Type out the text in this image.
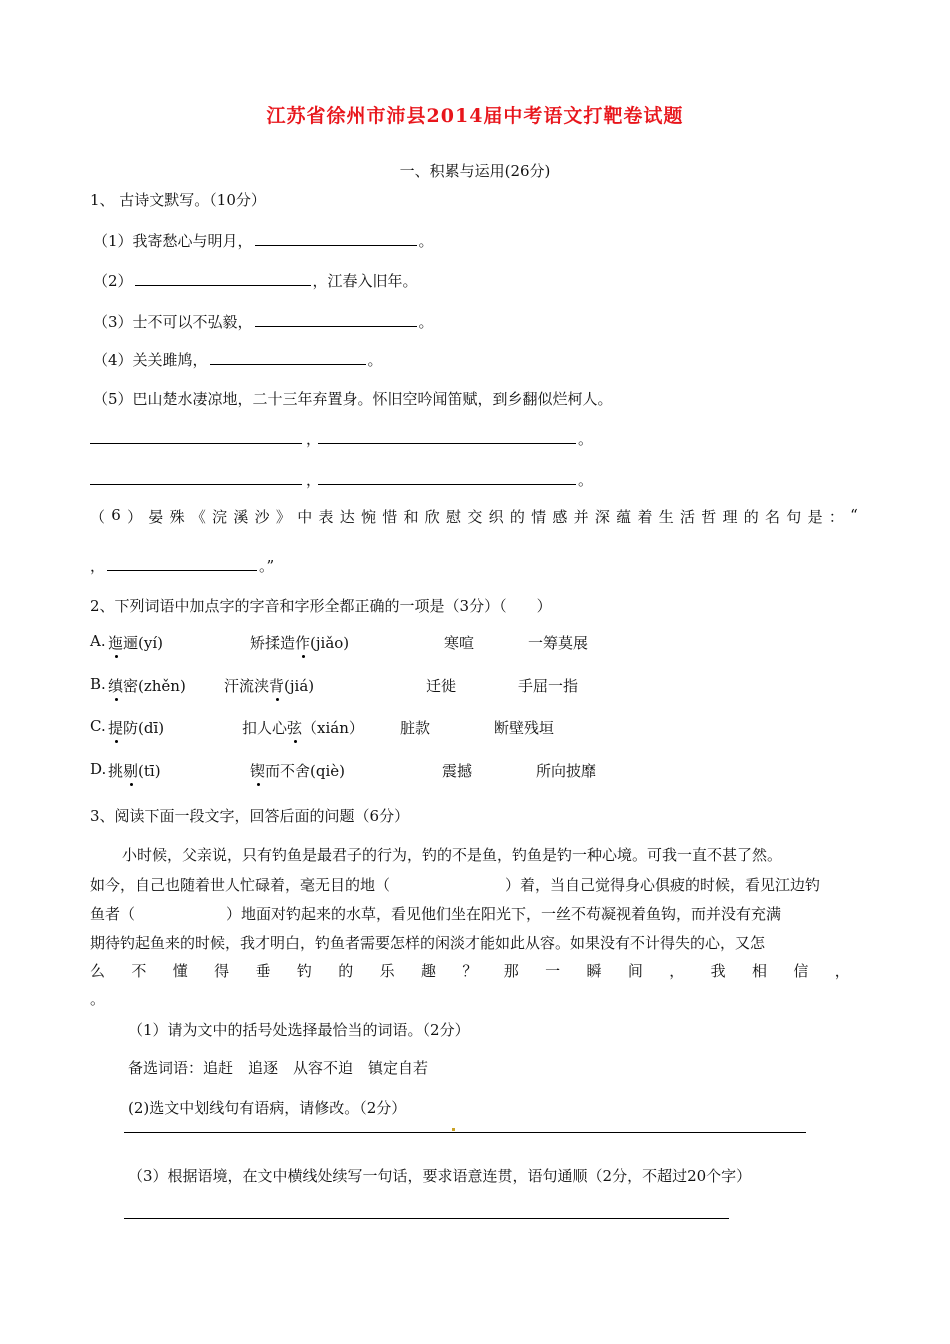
江苏省徐州市沛县2014届中考语文打靶卷试题
一、积累与运用(26分)
1、 古诗文默写。（10分）
（1）我寄愁心与明月，	。
（2）	，江春入旧年。
（3）士不可以不弘毅，	。
（4）关关雎鸠，	。
（5）巴山楚水凄凉地，二十三年弃置身。怀旧空吟闻笛赋，到乡翻似烂柯人。
，	。
，	。
（ 6 ） 晏 殊 《 浣 溪 沙 》 中 表 达 惋 惜 和 欣 慰 交 织 的 情 感 并 深 蕴 着 生 活 哲 理 的 名 句 是 ： “
，	。”
2、下列词语中加点字的字音和字形全都正确的一项是（3分）（　　）
A. 迤逦(yí)	矫揉造作(jiǎo)	寒喧	一筹莫展
B. 缜密(zhěn)	汗流浃背(jiá)	迁徙	手屈一指
C. 提防(dī)	扣人心弦（xián） 脏款	断壁残垣
D. 挑剔(tī)	锲而不舍(qiè)	震撼	所向披靡
3、阅读下面一段文字，回答后面的问题（6分）
小时候，父亲说，只有钓鱼是最君子的行为，钓的不是鱼，钓鱼是钓一种心境。可我一直不甚了然。
如今，自己也随着世人忙碌着，毫无目的地（	）着，当自己觉得身心俱疲的时候，看见江边钓
鱼者（	）地面对钓起来的水草，看见他们坐在阳光下，一丝不苟凝视着鱼钩，而并没有充满
期待钓起鱼来的时候，我才明白，钓鱼者需要怎样的闲淡才能如此从容。如果没有不计得失的心，又怎
么 不 懂 得 垂 钓 的 乐 趣 ？ 那 一 瞬 间 ， 我 相 信 ，
。
（1）请为文中的括号处选择最恰当的词语。（2分）
备选词语：追赶　追逐　从容不迫　镇定自若
(2)选文中划线句有语病，请修改。（2分）
（3）根据语境，在文中横线处续写一句话，要求语意连贯，语句通顺（2分，不超过20个字）
